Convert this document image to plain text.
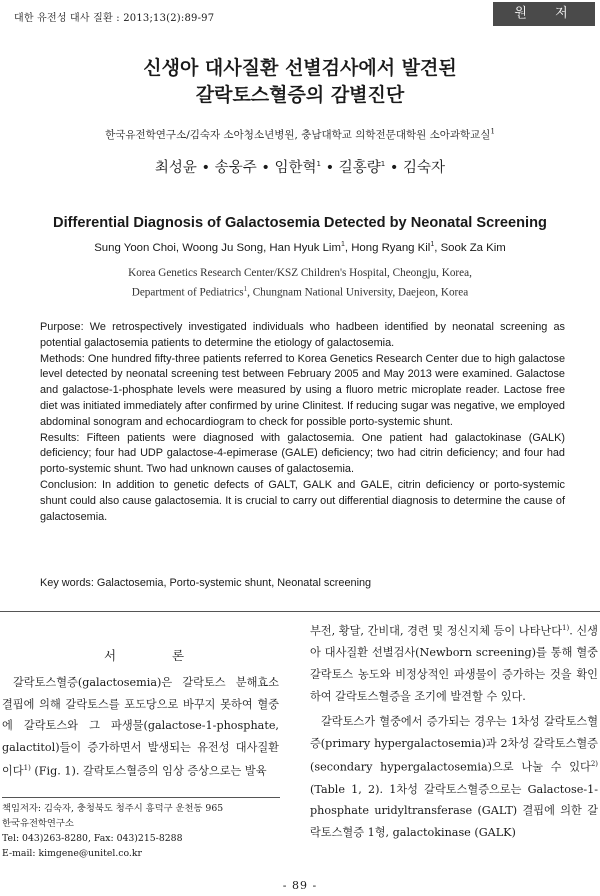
대한 유전성 대사 질환 : 2013;13(2):89-97	원 저
신생아 대사질환 선별검사에서 발견된
갈락토스혈증의 감별진단
한국유전학연구소/김숙자 소아청소년병원, 충남대학교 의학전문대학원 소아과학교실$^1$
최성윤 • 송웅주 • 임한혁$^1$ • 길홍량$^1$ • 김숙자
Differential Diagnosis of Galactosemia Detected by Neonatal Screening
Sung Yoon Choi, Woong Ju Song, Han Hyuk Lim$^1$, Hong Ryang Kil$^1$, Sook Za Kim
Korea Genetics Research Center/KSZ Children's Hospital, Cheongju, Korea,
Department of Pediatrics$^1$, Chungnam National University, Daejeon, Korea

Purpose: We retrospectively investigated individuals who hadbeen identified by neonatal screening as potential galactosemia patients to determine the etiology of galactosemia.

Methods: One hundred fifty-three patients referred to Korea Genetics Research Center due to high galactose level detected by neonatal screening test between February 2005 and May 2013 were examined. Galactose and galactose-1-phosphate levels were measured by using a fluoro metric microplate reader. Lactose free diet was initiated immediately after confirmed by urine Clinitest. If reducing sugar was negative, we employed abdominal sonogram and echocardiogram to check for possible porto-systemic shunt.

Results: Fifteen patients were diagnosed with galactosemia. One patient had galactokinase (GALK) deficiency; four had UDP galactose-4-epimerase (GALE) deficiency; two had citrin deficiency; and four had porto-systemic shunt. Two had unknown causes of galactosemia.

Conclusion: In addition to genetic defects of GALT, GALK and GALE, citrin deficiency or porto-systemic shunt could also cause galactosemia. It is crucial to carry out differential diagnosis to determine the cause of galactosemia.

Key words: Galactosemia, Porto-systemic shunt, Neonatal screening
서 론

갈락토스혈증(galactosemia)은 갈락토스 분해효소 결핍에 의해 갈락토스를 포도당으로 바꾸지 못하여 혈중에 갈락토스와 그 파생물(galactose-1-phosphate, galactitol)들이 증가하면서 발생되는 유전성 대사질환이다$^{1)}$ (Fig. 1). 갈락토스혈증의 임상 증상으로는 발육

부전, 황달, 간비대, 경련 및 정신지체 등이 나타난다$^{1)}$. 신생아 대사질환 선별검사(Newborn screening)를 통해 혈중 갈락토스 농도와 비정상적인 파생물이 증가하는 것을 확인하여 갈락토스혈증을 조기에 발견할 수 있다.

갈락토스가 혈중에서 증가되는 경우는 1차성 갈락토스혈증(primary hypergalactosemia)과 2차성 갈락토스혈증(secondary hypergalactosemia)으로 나눌 수 있다$^{2)}$ (Table 1, 2). 1차성 갈락토스혈증으로는 Galactose-1-phosphate uridyltransferase (GALT) 결핍에 의한 갈락토스혈증 1형, galactokinase (GALK)

책임저자: 김숙자, 충청북도 청주시 흥덕구 운천동 965
한국유전학연구소
Tel: 043)263-8280, Fax: 043)215-8288
E-mail: kimgene@unitel.co.kr
- 89 -
